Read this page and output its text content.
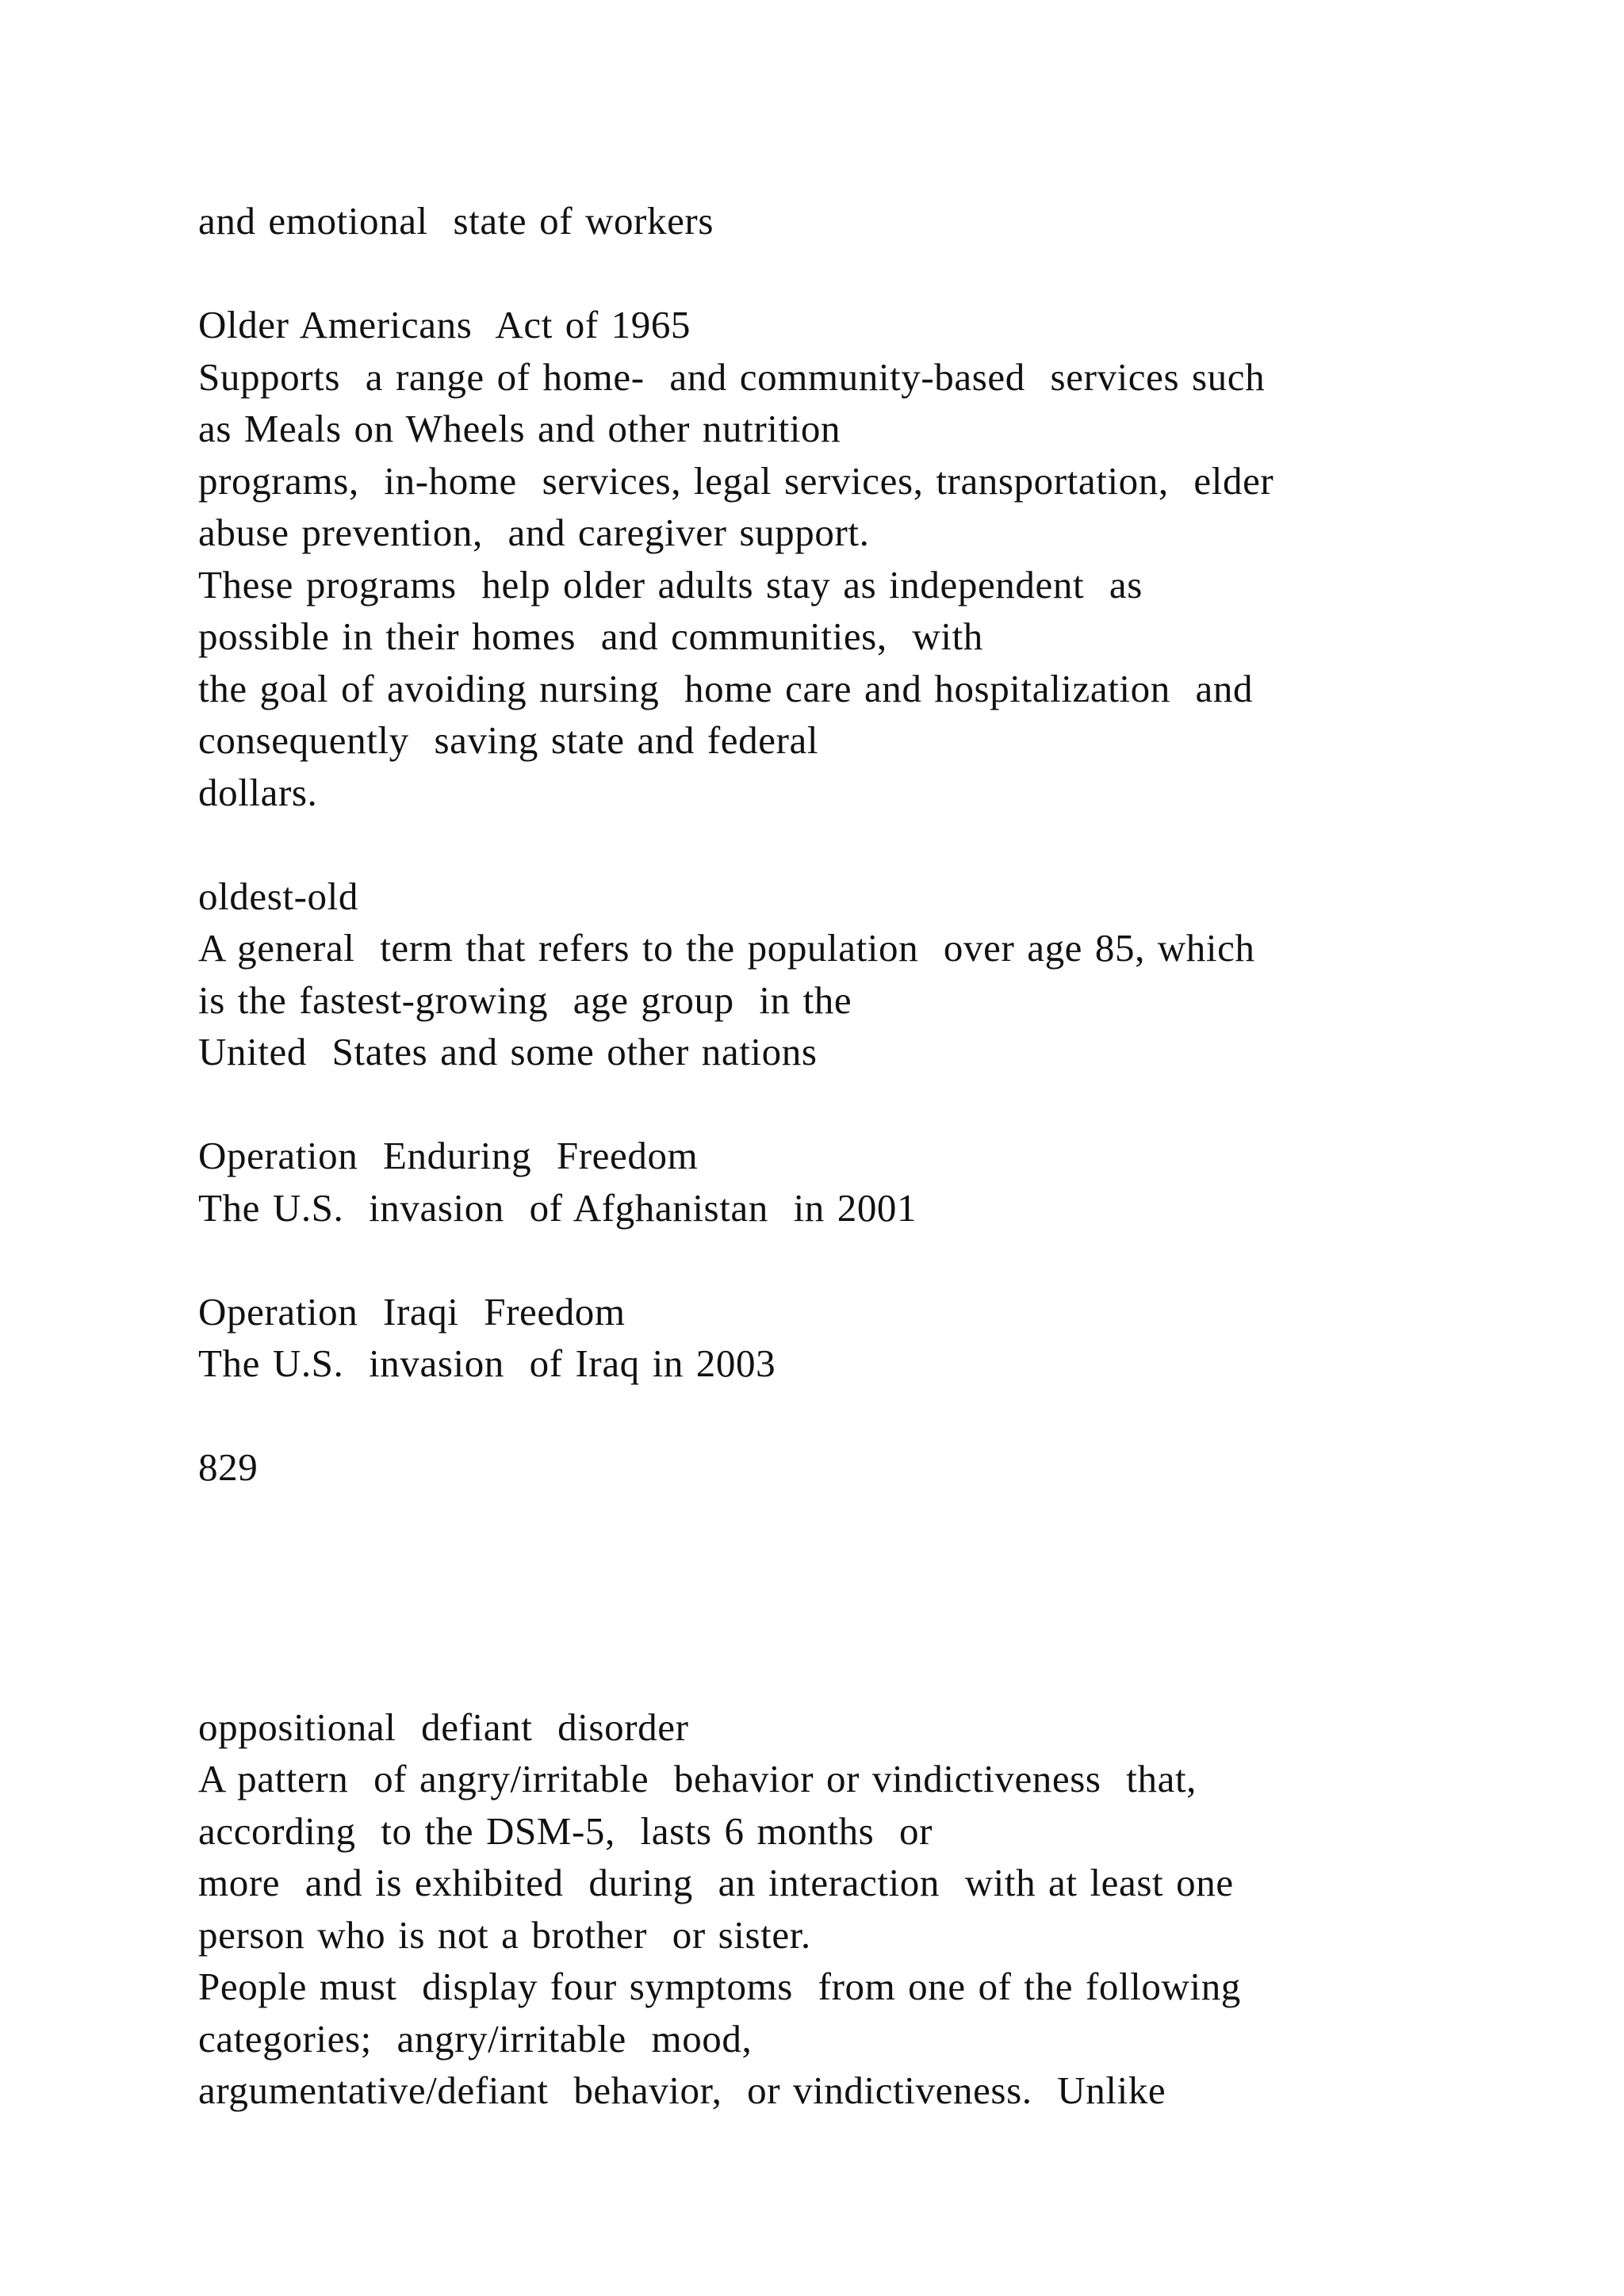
and emotional  state of workers
Older Americans  Act of 1965
Supports  a range of home-  and community-based  services such
as Meals on Wheels and other nutrition
programs,  in-home  services, legal services, transportation,  elder
abuse prevention,  and caregiver support.
These programs  help older adults stay as independent  as
possible in their homes  and communities,  with
the goal of avoiding nursing  home care and hospitalization  and
consequently  saving state and federal
dollars.
oldest-old
A general  term that refers to the population  over age 85, which
is the fastest-growing  age group  in the
United  States and some other nations
Operation  Enduring  Freedom
The U.S.  invasion  of Afghanistan  in 2001
Operation  Iraqi  Freedom
The U.S.  invasion  of Iraq in 2003
829
oppositional  defiant  disorder
A pattern  of angry/irritable  behavior or vindictiveness  that,
according  to the DSM-5,  lasts 6 months  or
more  and is exhibited  during  an interaction  with at least one
person who is not a brother  or sister.
People must  display four symptoms  from one of the following
categories;  angry/irritable  mood,
argumentative/defiant  behavior,  or vindictiveness.  Unlike
